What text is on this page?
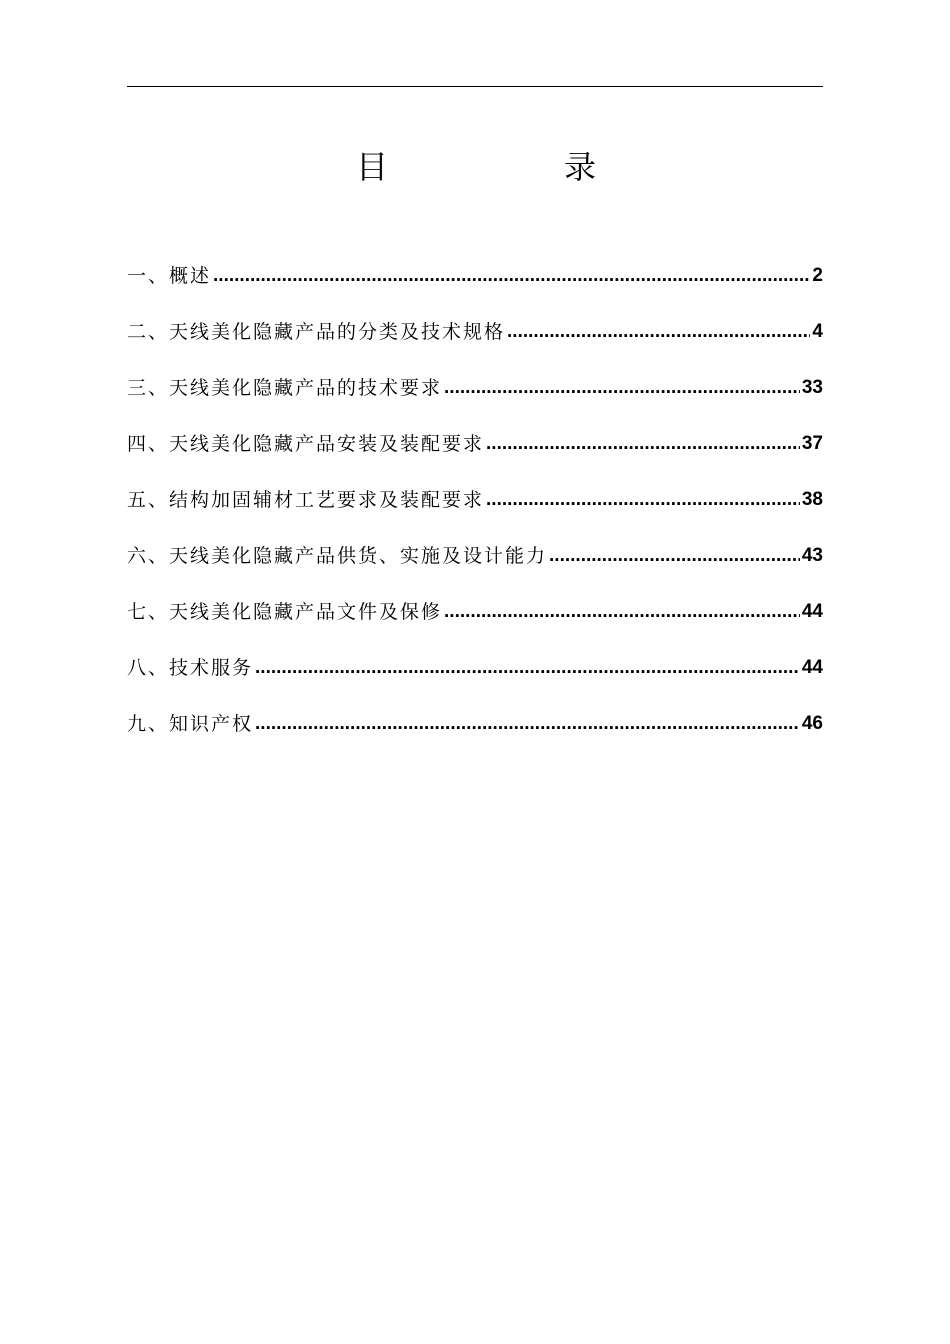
目	录
一、概述 .....	2
二、天线美化隐藏产品的分类及技术规格 .....	4
三、天线美化隐藏产品的技术要求 .....	33
四、天线美化隐藏产品安装及装配要求 .....	37
五、结构加固辅材工艺要求及装配要求 .....	38
六、天线美化隐藏产品供货、实施及设计能力 .....	43
七、天线美化隐藏产品文件及保修 .....	44
八、技术服务 .....	44
九、知识产权 .....	46
